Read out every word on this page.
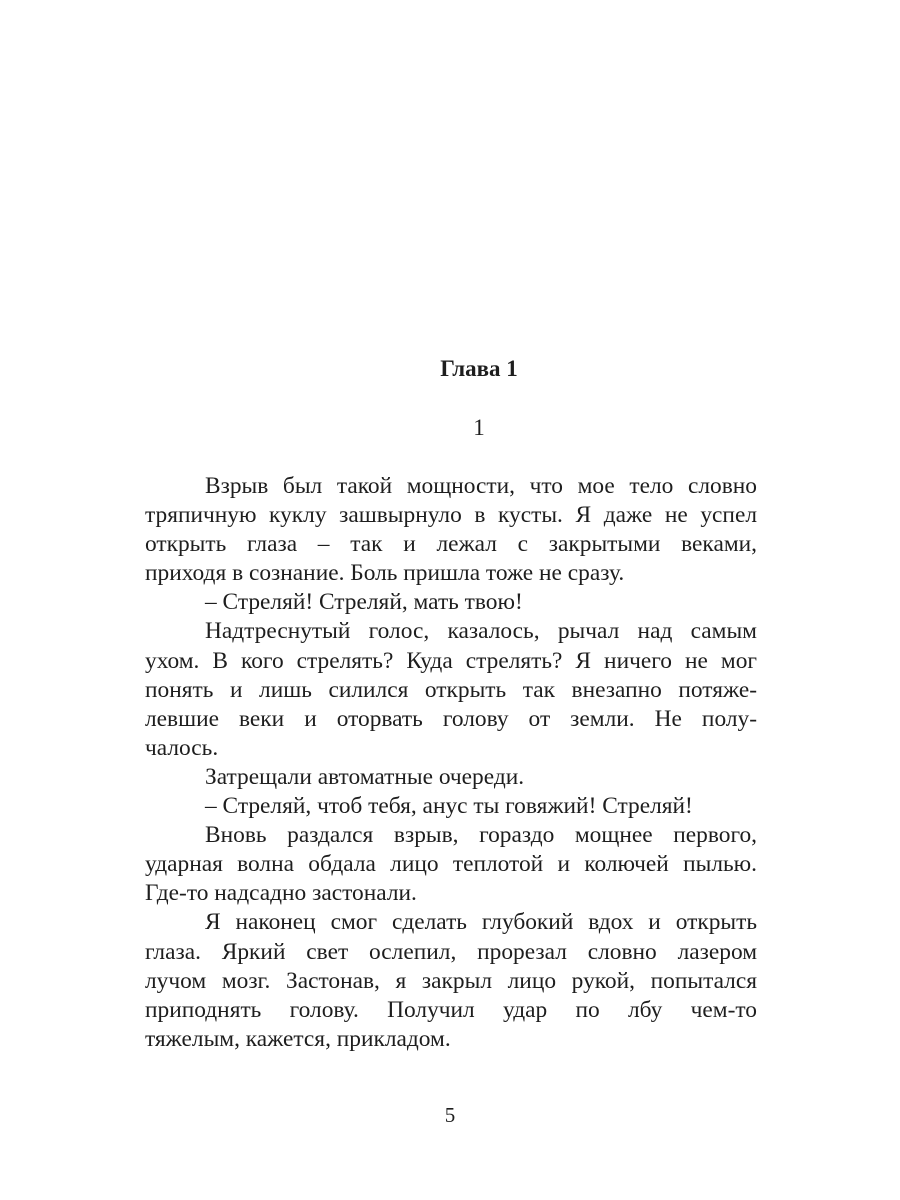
Глава 1
1
Взрыв был такой мощности, что мое тело словно
тряпичную куклу зашвырнуло в кусты. Я даже не успел
открыть глаза – так и лежал с закрытыми веками,
приходя в сознание. Боль пришла тоже не сразу.
– Стреляй! Стреляй, мать твою!
Надтреснутый голос, казалось, рычал над самым
ухом. В кого стрелять? Куда стрелять? Я ничего не мог
понять и лишь силился открыть так внезапно потяже-
левшие веки и оторвать голову от земли. Не полу-
чалось.
Затрещали автоматные очереди.
– Стреляй, чтоб тебя, анус ты говяжий! Стреляй!
Вновь раздался взрыв, гораздо мощнее первого,
ударная волна обдала лицо теплотой и колючей пылью.
Где-то надсадно застонали.
Я наконец смог сделать глубокий вдох и открыть
глаза. Яркий свет ослепил, прорезал словно лазером
лучом мозг. Застонав, я закрыл лицо рукой, попытался
приподнять голову. Получил удар по лбу чем-то
тяжелым, кажется, прикладом.
5
